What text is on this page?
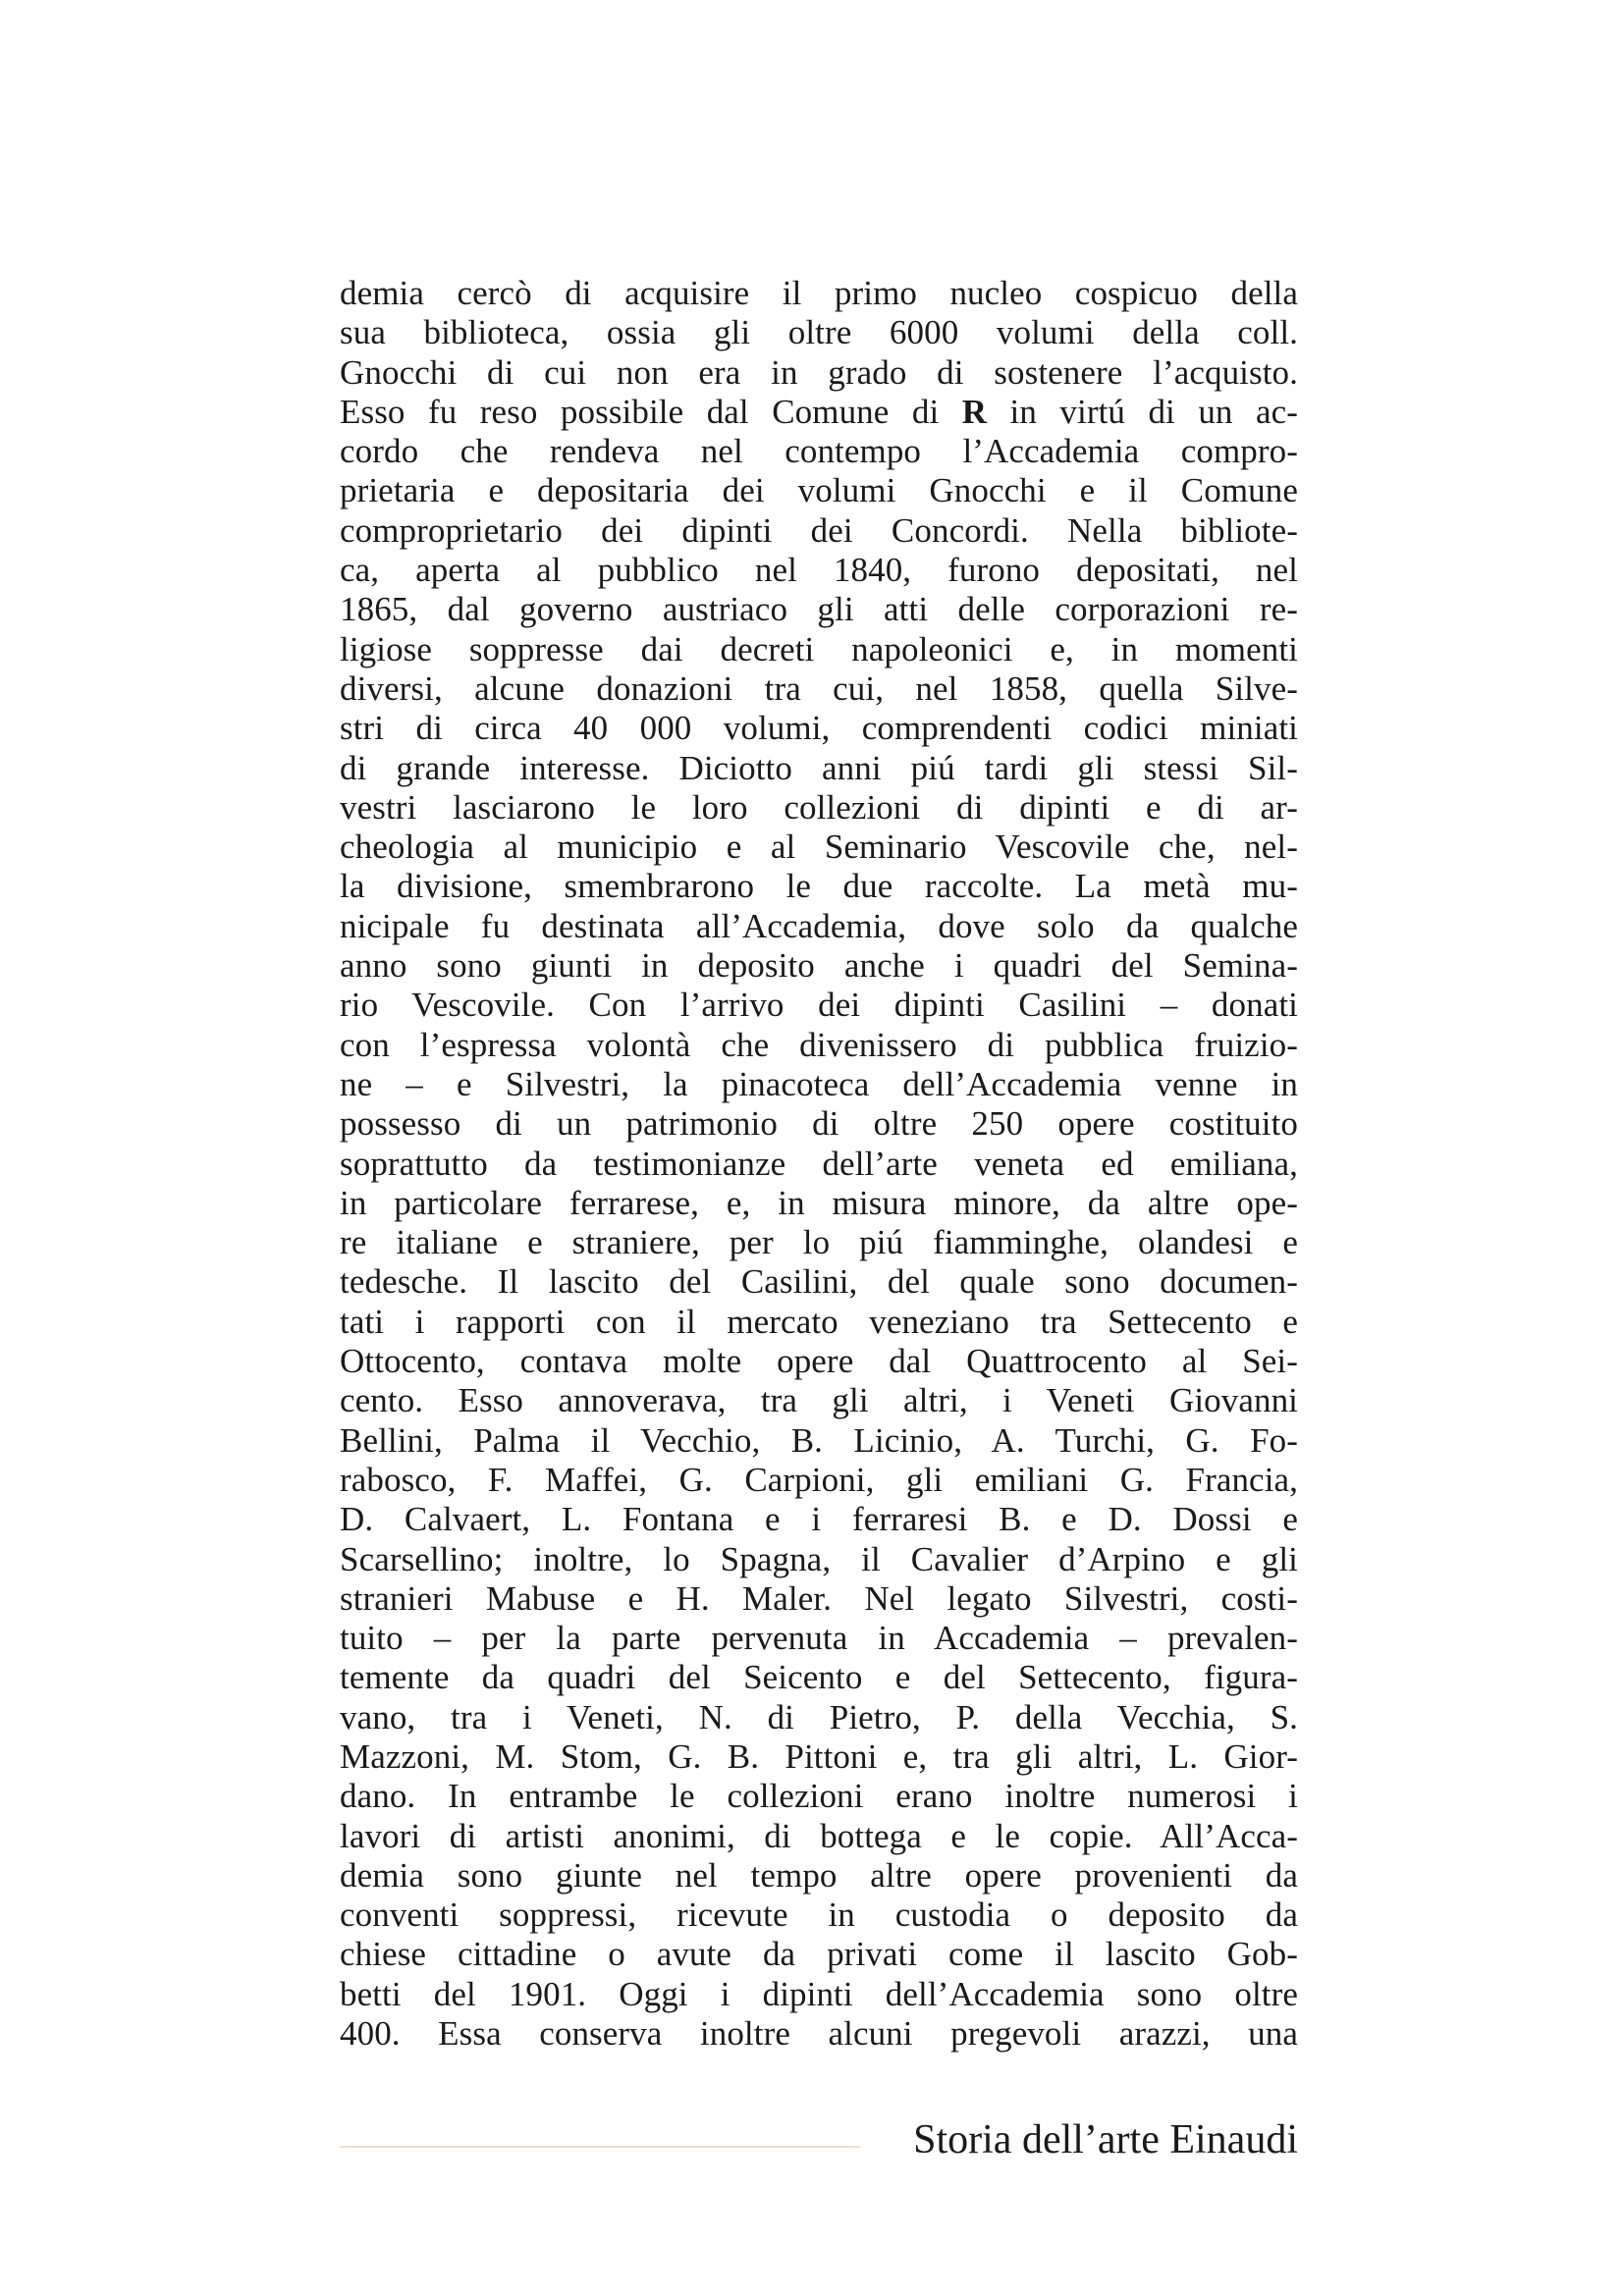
demia cercò di acquisire il primo nucleo cospicuo della
sua biblioteca, ossia gli oltre 6000 volumi della coll.
Gnocchi di cui non era in grado di sostenere l’acquisto.
Esso fu reso possibile dal Comune di R in virtú di un ac-
cordo che rendeva nel contempo l’Accademia compro-
prietaria e depositaria dei volumi Gnocchi e il Comune
comproprietario dei dipinti dei Concordi. Nella bibliote-
ca, aperta al pubblico nel 1840, furono depositati, nel
1865, dal governo austriaco gli atti delle corporazioni re-
ligiose soppresse dai decreti napoleonici e, in momenti
diversi, alcune donazioni tra cui, nel 1858, quella Silve-
stri di circa 40 000 volumi, comprendenti codici miniati
di grande interesse. Diciotto anni piú tardi gli stessi Sil-
vestri lasciarono le loro collezioni di dipinti e di ar-
cheologia al municipio e al Seminario Vescovile che, nel-
la divisione, smembrarono le due raccolte. La metà mu-
nicipale fu destinata all’Accademia, dove solo da qualche
anno sono giunti in deposito anche i quadri del Semina-
rio Vescovile. Con l’arrivo dei dipinti Casilini – donati
con l’espressa volontà che divenissero di pubblica fruizio-
ne – e Silvestri, la pinacoteca dell’Accademia venne in
possesso di un patrimonio di oltre 250 opere costituito
soprattutto da testimonianze dell’arte veneta ed emiliana,
in particolare ferrarese, e, in misura minore, da altre ope-
re italiane e straniere, per lo piú fiamminghe, olandesi e
tedesche. Il lascito del Casilini, del quale sono documen-
tati i rapporti con il mercato veneziano tra Settecento e
Ottocento, contava molte opere dal Quattrocento al Sei-
cento. Esso annoverava, tra gli altri, i Veneti Giovanni
Bellini, Palma il Vecchio, B. Licinio, A. Turchi, G. Fo-
rabosco, F. Maffei, G. Carpioni, gli emiliani G. Francia,
D. Calvaert, L. Fontana e i ferraresi B. e D. Dossi e
Scarsellino; inoltre, lo Spagna, il Cavalier d’Arpino e gli
stranieri Mabuse e H. Maler. Nel legato Silvestri, costi-
tuito – per la parte pervenuta in Accademia – prevalen-
temente da quadri del Seicento e del Settecento, figura-
vano, tra i Veneti, N. di Pietro, P. della Vecchia, S.
Mazzoni, M. Stom, G. B. Pittoni e, tra gli altri, L. Gior-
dano. In entrambe le collezioni erano inoltre numerosi i
lavori di artisti anonimi, di bottega e le copie. All’Acca-
demia sono giunte nel tempo altre opere provenienti da
conventi soppressi, ricevute in custodia o deposito da
chiese cittadine o avute da privati come il lascito Gob-
betti del 1901. Oggi i dipinti dell’Accademia sono oltre
400. Essa conserva inoltre alcuni pregevoli arazzi, una
Storia dell’arte Einaudi
